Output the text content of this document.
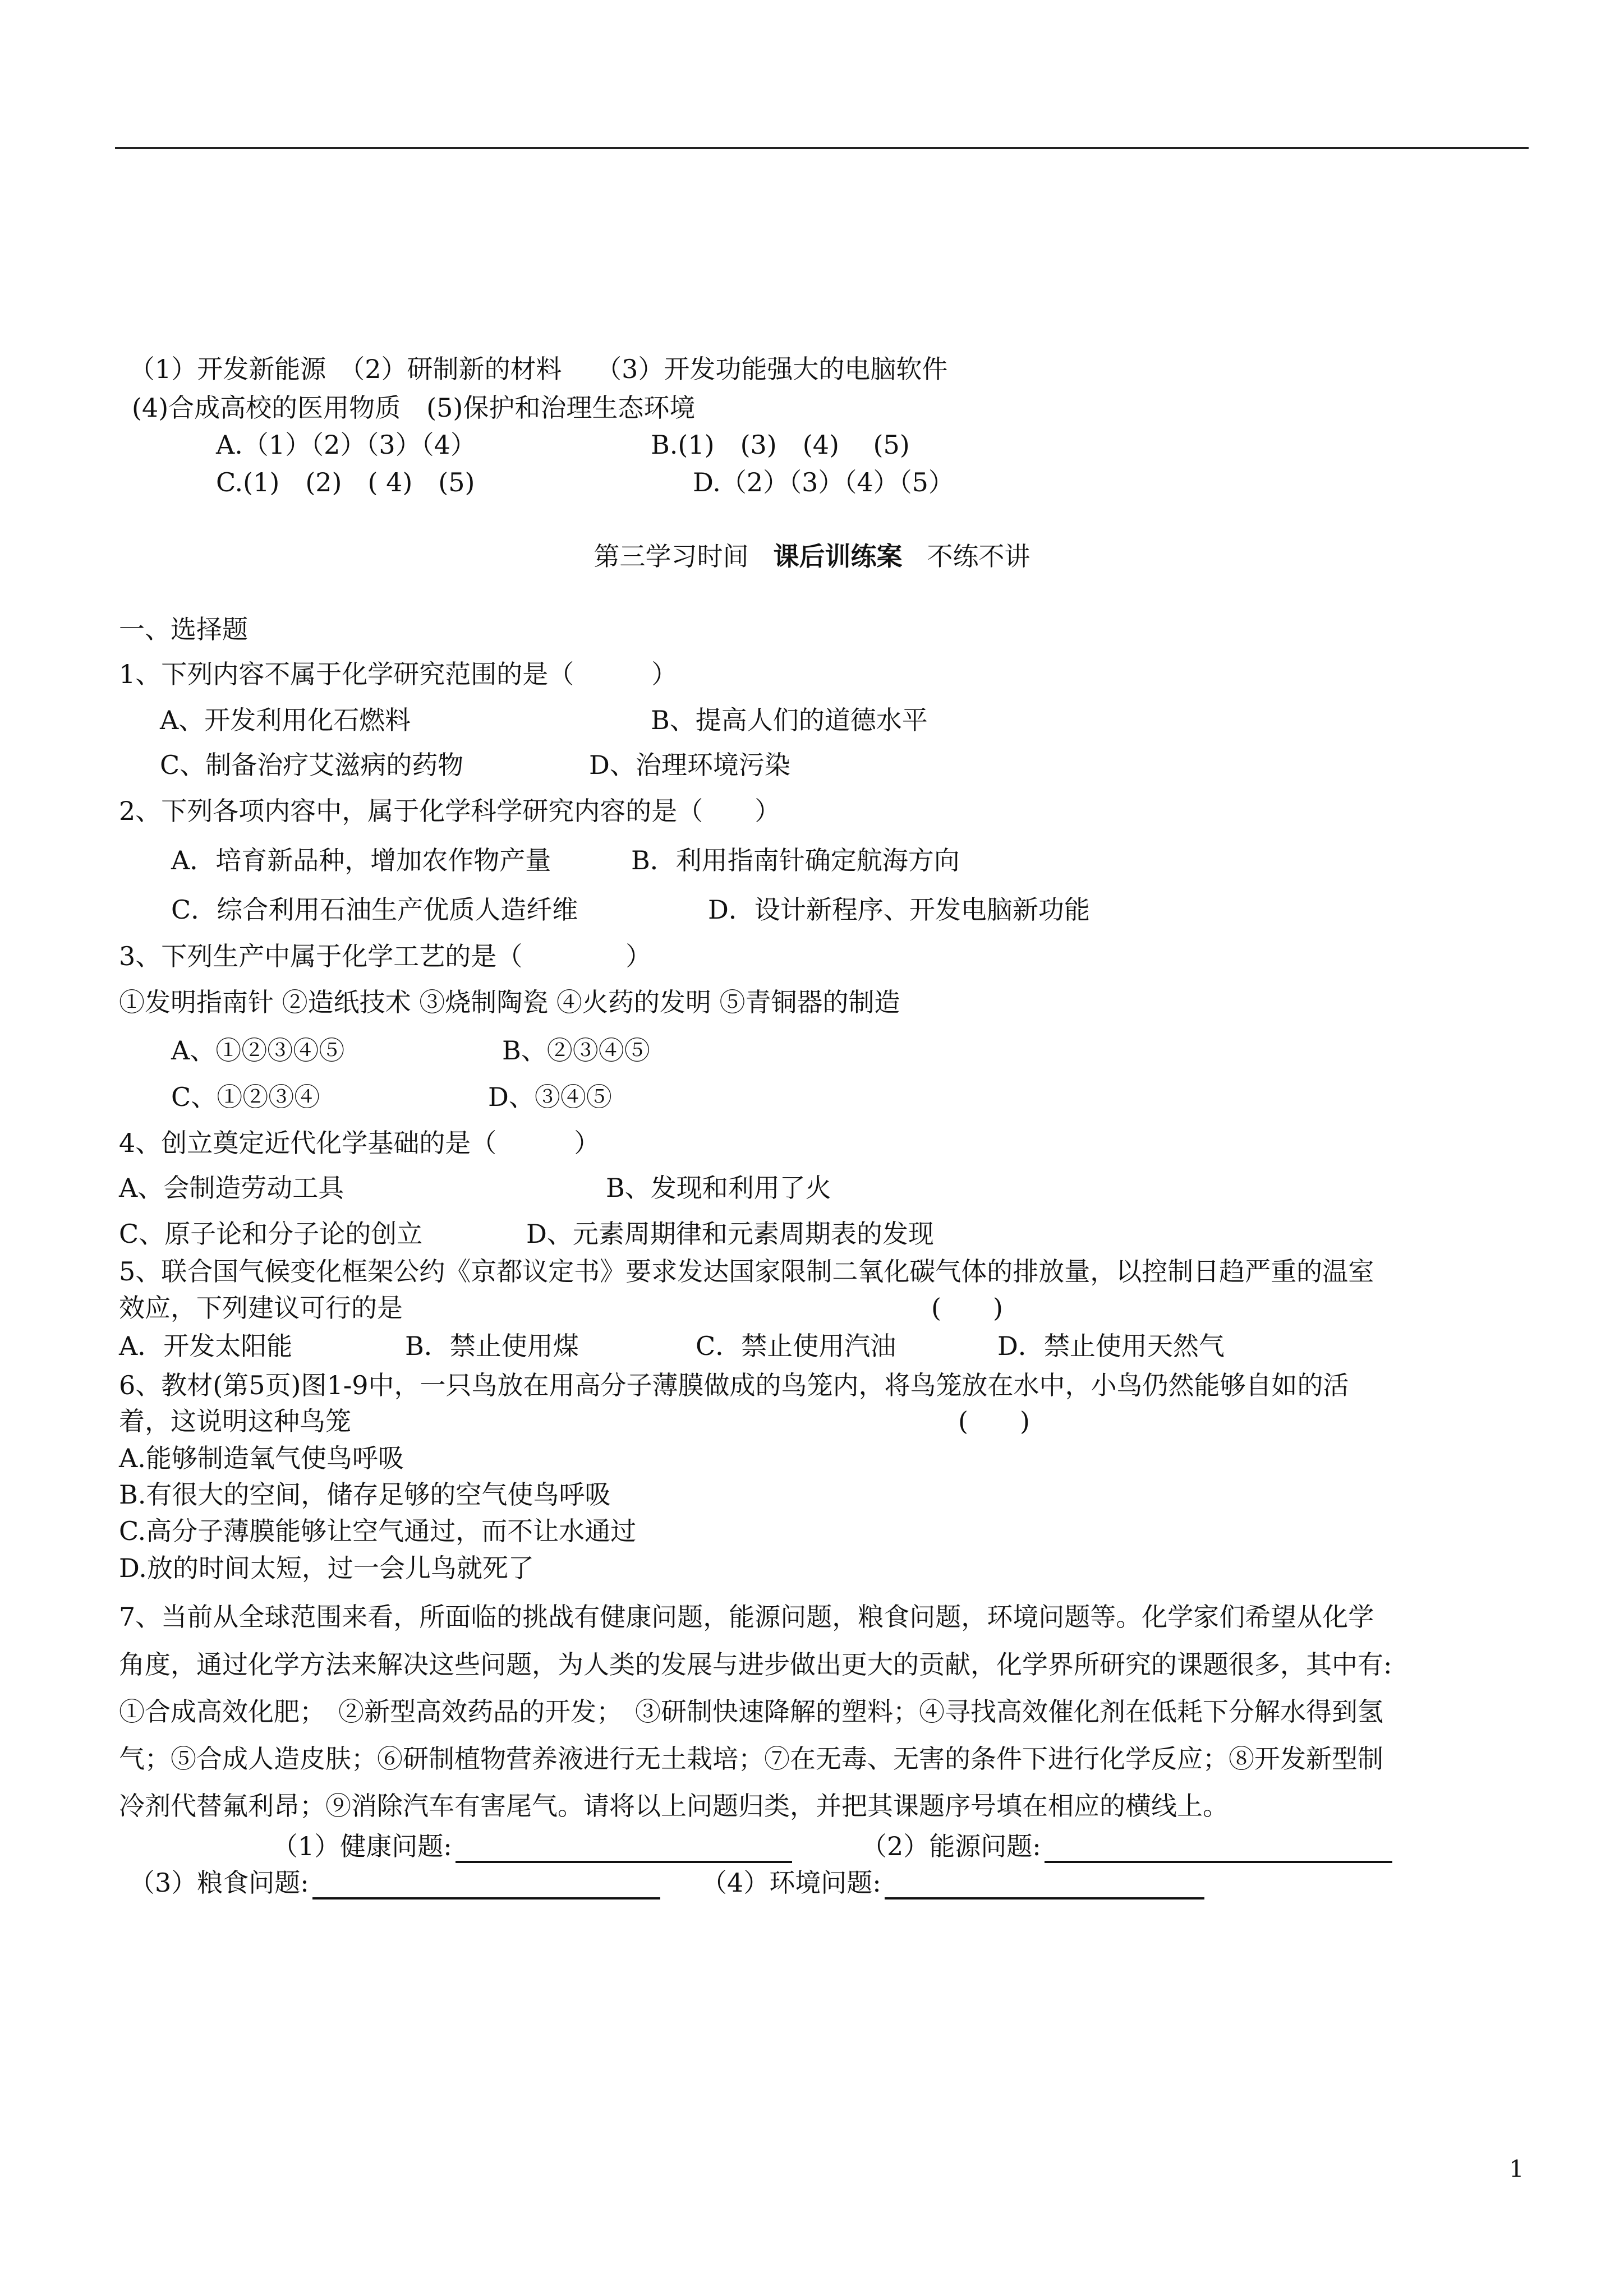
（1）开发新能源　（2）研制新的材料　 （3）开发功能强大的电脑软件
(4)合成高校的医用物质　(5)保护和治理生态环境
A.（1）（2）（3）（4）	B.(1)　(3)　(4)　 (5)
C.(1)　(2)　( 4)　(5)	D.（2）（3）（4）（5）
第三学习时间 课后训练案 不练不讲
一、选择题
1、下列内容不属于化学研究范围的是（　　　）
A、开发利用化石燃料	B、提高人们的道德水平
C、制备治疗艾滋病的药物	D、治理环境污染
2、下列各项内容中，属于化学科学研究内容的是（　　）
A．培育新品种，增加农作物产量	B．利用指南针确定航海方向
C．综合利用石油生产优质人造纤维	D．设计新程序、开发电脑新功能
3、下列生产中属于化学工艺的是（　　　　）
①发明指南针 ②造纸技术 ③烧制陶瓷 ④火药的发明 ⑤青铜器的制造
A、①②③④⑤	B、②③④⑤
C、①②③④	D、③④⑤
4、创立奠定近代化学基础的是（　　　）
A、会制造劳动工具	B、发现和利用了火
C、原子论和分子论的创立	D、元素周期律和元素周期表的发现
5、联合国气候变化框架公约《京都议定书》要求发达国家限制二氧化碳气体的排放量，以控制日趋严重的温室
效应，下列建议可行的是	(　　)
A．开发太阳能	B．禁止使用煤	C．禁止使用汽油	D．禁止使用天然气
6、教材(第5页)图1-9中，一只鸟放在用高分子薄膜做成的鸟笼内，将鸟笼放在水中，小鸟仍然能够自如的活
着，这说明这种鸟笼	(　　)
A.能够制造氧气使鸟呼吸
B.有很大的空间，储存足够的空气使鸟呼吸
C.高分子薄膜能够让空气通过，而不让水通过
D.放的时间太短，过一会儿鸟就死了
7、当前从全球范围来看，所面临的挑战有健康问题，能源问题，粮食问题，环境问题等。化学家们希望从化学
角度，通过化学方法来解决这些问题，为人类的发展与进步做出更大的贡献，化学界所研究的课题很多，其中有:
①合成高效化肥；　②新型高效药品的开发；　③研制快速降解的塑料；④寻找高效催化剂在低耗下分解水得到氢
气；⑤合成人造皮肤；⑥研制植物营养液进行无土栽培；⑦在无毒、无害的条件下进行化学反应；⑧开发新型制
冷剂代替氟利昂；⑨消除汽车有害尾气。请将以上问题归类，并把其课题序号填在相应的横线上。
（1）健康问题:	（2）能源问题:
（3）粮食问题:	（4）环境问题:
1
